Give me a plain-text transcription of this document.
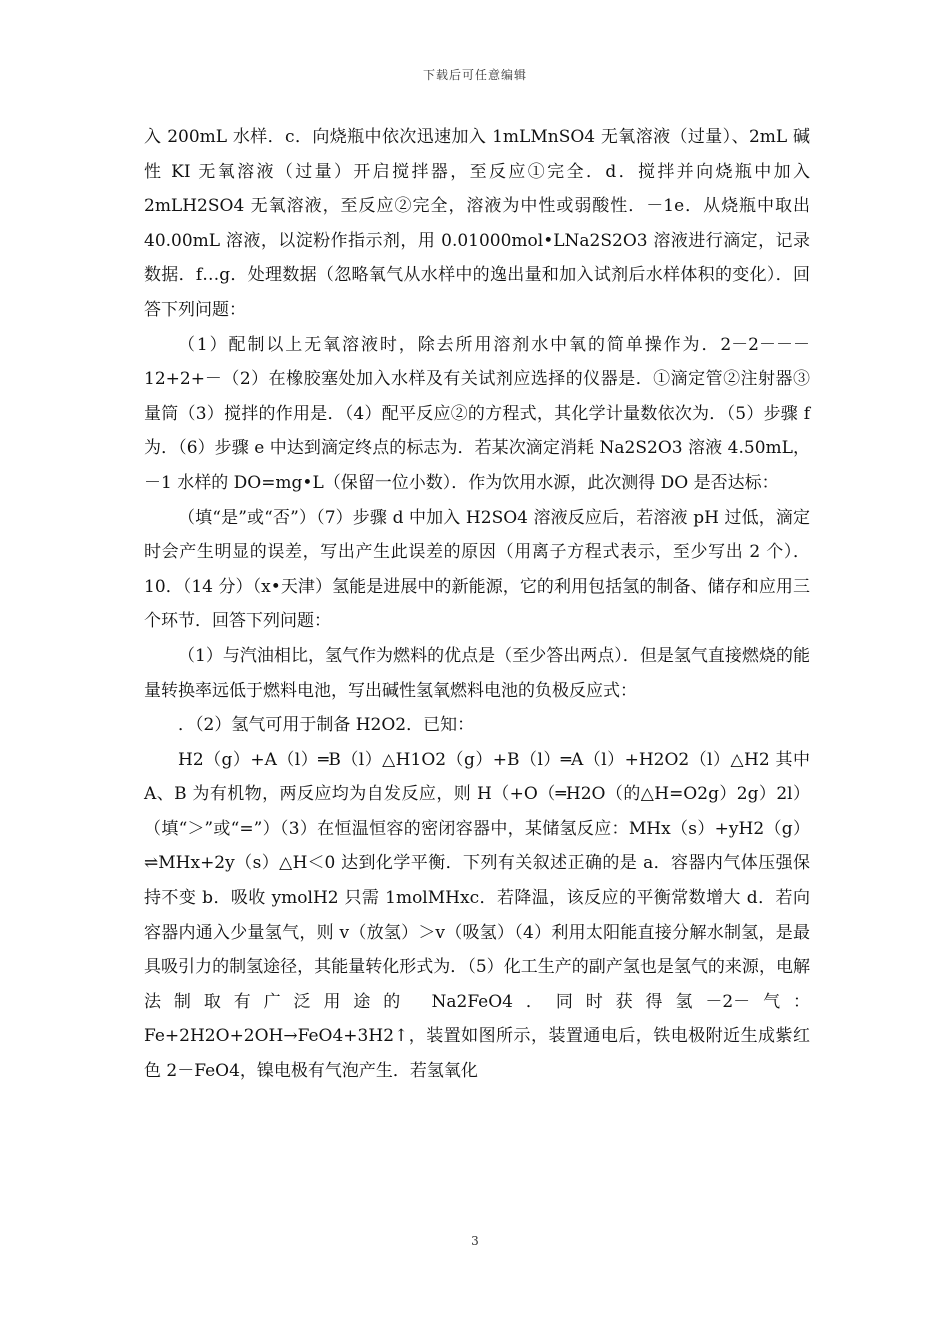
下载后可任意编辑

入 200mL 水样．c．向烧瓶中依次迅速加入 1mLMnSO4 无氧溶液（过量）、2mL 碱性 KI 无氧溶液（过量）开启搅拌器，至反应①完全．d．搅拌并向烧瓶中加入 2mLH2SO4 无氧溶液，至反应②完全，溶液为中性或弱酸性．－1e．从烧瓶中取出 40.00mL 溶液，以淀粉作指示剂，用 0.01000mol•LNa2S2O3 溶液进行滴定，记录数据．f…g．处理数据（忽略氧气从水样中的逸出量和加入试剂后水样体积的变化）．回答下列问题：

（1）配制以上无氧溶液时，除去所用溶剂水中氧的简单操作为．2－2－－－12+2+－（2）在橡胶塞处加入水样及有关试剂应选择的仪器是．①滴定管②注射器③量筒（3）搅拌的作用是．（4）配平反应②的方程式，其化学计量数依次为．（5）步骤 f 为．（6）步骤 e 中达到滴定终点的标志为．若某次滴定消耗 Na2S2O3 溶液 4.50mL，－1 水样的 DO=mg•L（保留一位小数）．作为饮用水源，此次测得 DO 是否达标：

（填“是”或“否”）（7）步骤 d 中加入 H2SO4 溶液反应后，若溶液 pH 过低，滴定时会产生明显的误差，写出产生此误差的原因（用离子方程式表示，至少写出 2 个）．10．（14 分）（x•天津）氢能是进展中的新能源，它的利用包括氢的制备、储存和应用三个环节．回答下列问题：

（1）与汽油相比，氢气作为燃料的优点是（至少答出两点）．但是氢气直接燃烧的能量转换率远低于燃料电池，写出碱性氢氧燃料电池的负极反应式：

．（2）氢气可用于制备 H2O2．已知：

H2（g）+A（l）═B（l）△H1O2（g）+B（l）═A（l）+H2O2（l）△H2 其中 A、B 为有机物，两反应均为自发反应，则 H（+O（═H2O（的△H=O2g）2g）2l）（填“＞”或“=”）（3）在恒温恒容的密闭容器中，某储氢反应：MHx（s）+yH2（g）⇌MHx+2y（s）△H＜0 达到化学平衡．下列有关叙述正确的是 a．容器内气体压强保持不变 b．吸收 ymolH2 只需 1molMHxc．若降温，该反应的平衡常数增大 d．若向容器内通入少量氢气，则 v（放氢）＞v（吸氢）（4）利用太阳能直接分解水制氢，是最具吸引力的制氢途径，其能量转化形式为．（5）化工生产的副产氢也是氢气的来源，电解法制取有广泛用途的 Na2FeO4．同时获得氢－2－气：Fe+2H2O+2OH→FeO4+3H2↑，装置如图所示，装置通电后，铁电极附近生成紫红色 2－FeO4，镍电极有气泡产生．若氢氧化

3
